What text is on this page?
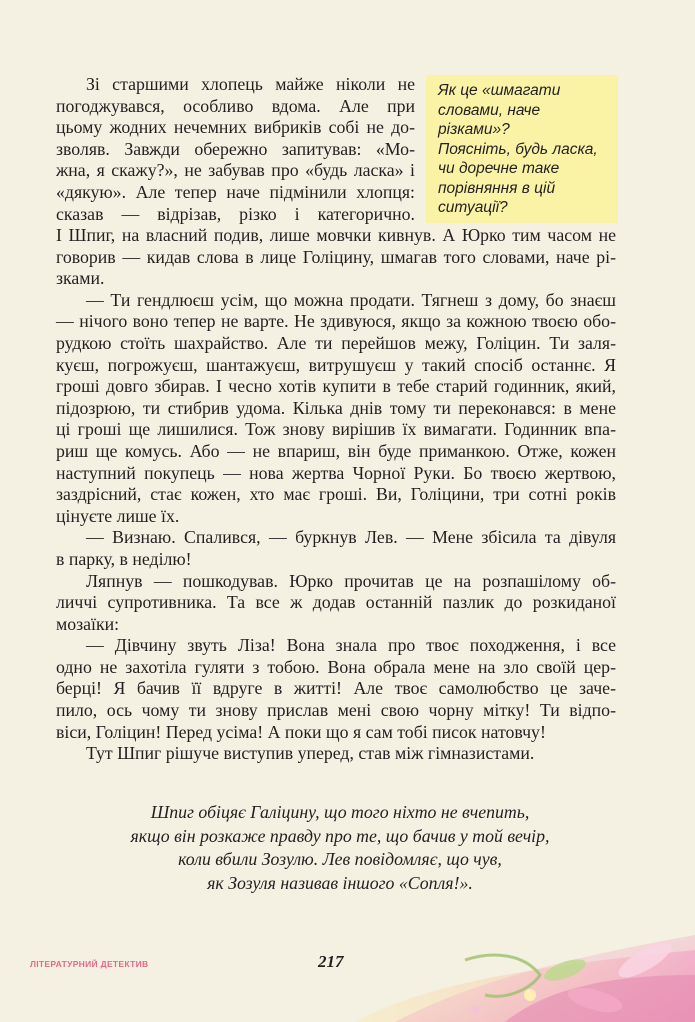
Як це «шмагати
словами, наче
різками»?
Поясніть, будь ласка,
чи доречне таке
порівняння в цій
ситуації?
Зі старшими хлопець майже ніколи не
погоджувався, особливо вдома. Але при
цьому жодних нечемних вибриків собі не до-
зволяв. Завжди обережно запитував: «Мо-
жна, я скажу?», не забував про «будь ласка» і
«дякую». Але тепер наче підмінили хлопця:
сказав — відрізав, різко і категорично.
І Шпиг, на власний подив, лише мовчки кивнув. А Юрко тим часом не
говорив — кидав слова в лице Голіцину, шмагав того словами, наче рі-
зками.
— Ти гендлюєш усім, що можна продати. Тягнеш з дому, бо знаєш
— нічого воно тепер не варте. Не здивуюся, якщо за кожною твоєю обо-
рудкою стоїть шахрайство. Але ти перейшов межу, Голіцин. Ти заля-
куєш, погрожуєш, шантажуєш, витрушуєш у такий спосіб останнє. Я
гроші довго збирав. І чесно хотів купити в тебе старий годинник, який,
підозрюю, ти стибрив удома. Кілька днів тому ти переконався: в мене
ці гроші ще лишилися. Тож знову вирішив їх вимагати. Годинник впа-
риш ще комусь. Або — не впариш, він буде приманкою. Отже, кожен
наступний покупець — нова жертва Чорної Руки. Бо твоєю жертвою,
заздрісний, стає кожен, хто має гроші. Ви, Голіцини, три сотні років
цінуєте лише їх.
— Визнаю. Спалився, — буркнув Лев. — Мене збісила та дівуля
в парку, в неділю!
Ляпнув — пошкодував. Юрко прочитав це на розпашілому об-
личчі супротивника. Та все ж додав останній пазлик до розкиданої
мозаїки:
— Дівчину звуть Ліза! Вона знала про твоє походження, і все
одно не захотіла гуляти з тобою. Вона обрала мене на зло своїй цер-
берці! Я бачив її вдруге в житті! Але твоє самолюбство це заче-
пило, ось чому ти знову прислав мені свою чорну мітку! Ти відпо-
віси, Голіцин! Перед усіма! А поки що я сам тобі писок натовчу!
Тут Шпиг рішуче виступив уперед, став між гімназистами.
Шпиг обіцяє Галіцину, що того ніхто не вчепить,
якщо він розкаже правду про те, що бачив у той вечір,
коли вбили Зозулю. Лев повідомляє, що чув,
як Зозуля називав іншого «Сопля!».
ЛІТЕРАТУРНИЙ ДЕТЕКТИВ	217
